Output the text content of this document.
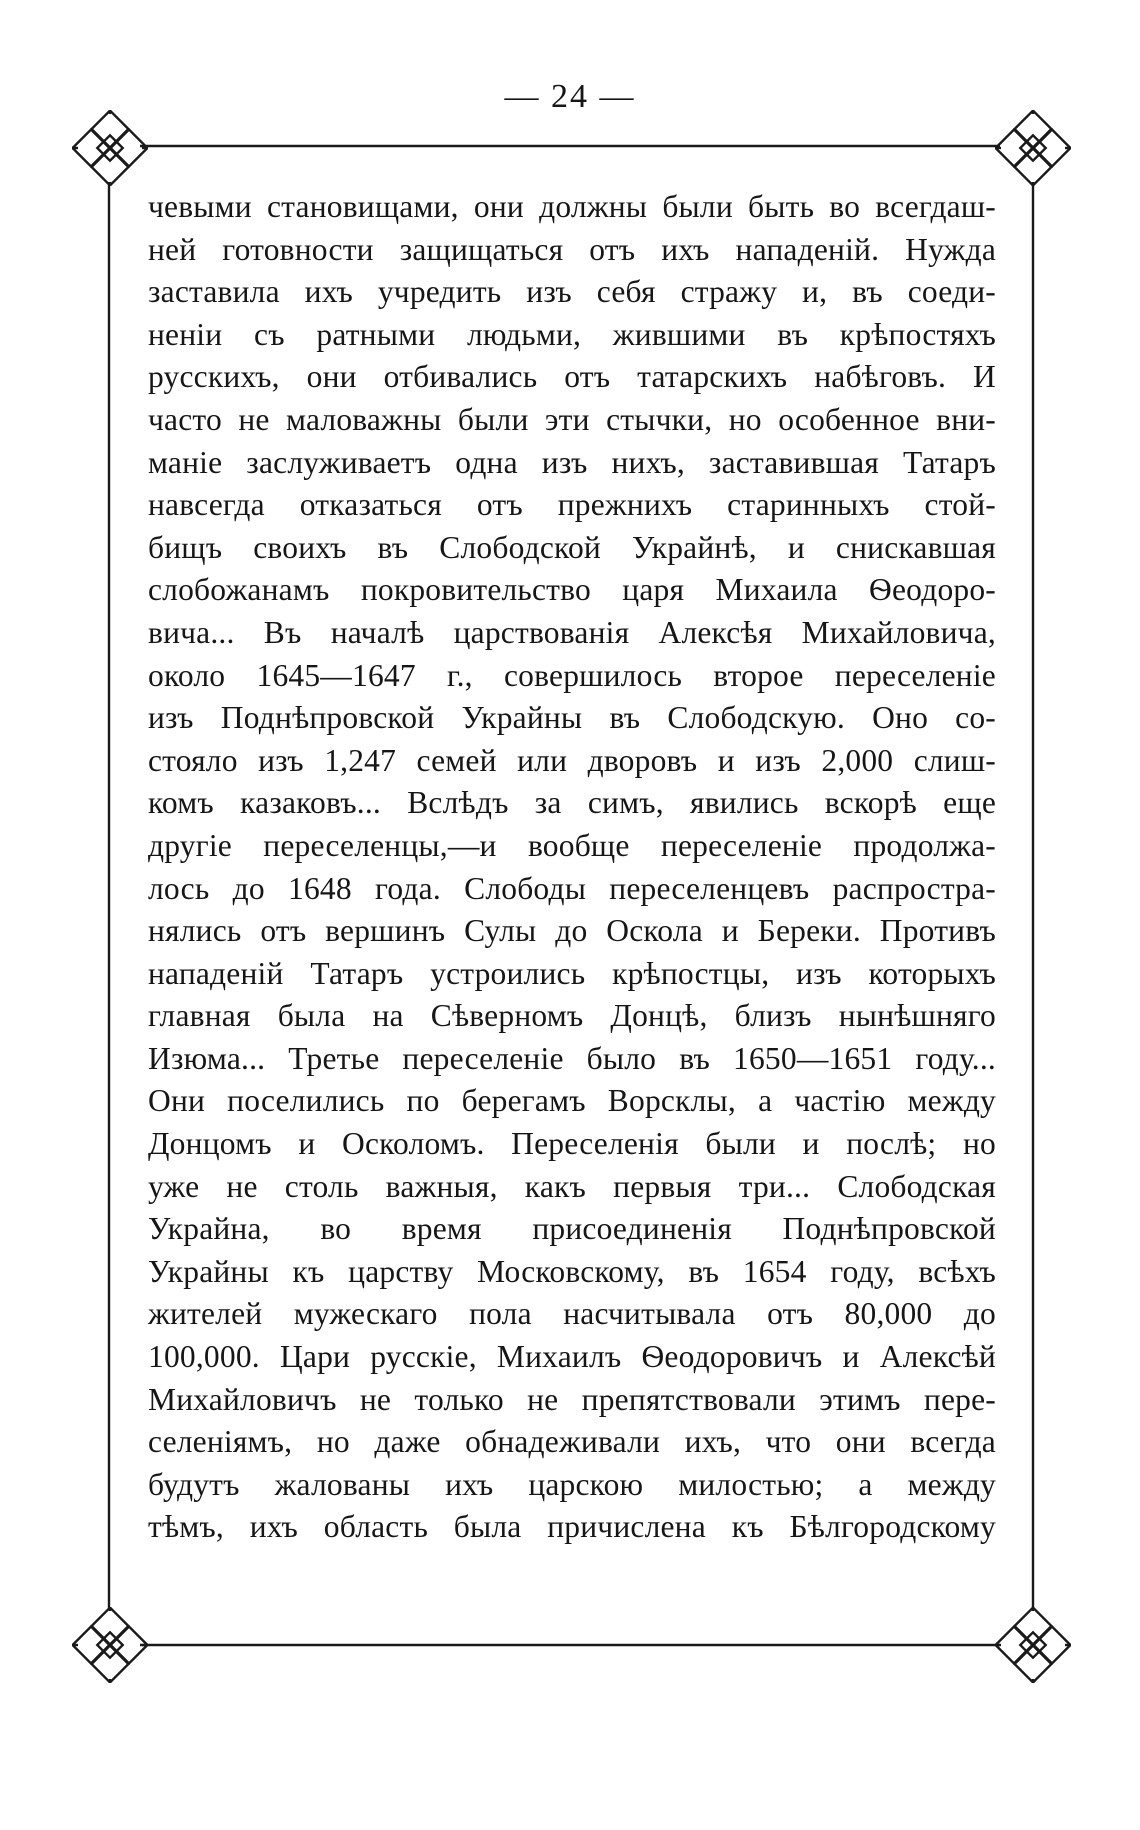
— 24 —
чевыми становищами, они должны были быть во всегдаш-
ней готовности защищаться отъ ихъ нападеній. Нужда
заставила ихъ учредить изъ себя стражу и, въ соеди-
неніи съ ратными людьми, жившими въ крѣпостяхъ
русскихъ, они отбивались отъ татарскихъ набѣговъ. И
часто не маловажны были эти стычки, но особенное вни-
маніе заслуживаетъ одна изъ нихъ, заставившая Татаръ
навсегда отказаться отъ прежнихъ старинныхъ стой-
бищъ своихъ въ Слободской Украйнѣ, и снискавшая
слобожанамъ покровительство царя Михаила Ѳеодоро-
вича... Въ началѣ царствованія Алексѣя Михайловича,
около 1645—1647 г., совершилось второе переселеніе
изъ Поднѣпровской Украйны въ Слободскую. Оно со-
стояло изъ 1,247 семей или дворовъ и изъ 2,000 слиш-
комъ казаковъ... Вслѣдъ за симъ, явились вскорѣ еще
другіе переселенцы,—и вообще переселеніе продолжа-
лось до 1648 года. Слободы переселенцевъ распростра-
нялись отъ вершинъ Сулы до Оскола и Береки. Противъ
нападеній Татаръ устроились крѣпостцы, изъ которыхъ
главная была на Сѣверномъ Донцѣ, близъ нынѣшняго
Изюма... Третье переселеніе было въ 1650—1651 году...
Они поселились по берегамъ Ворсклы, а частію между
Донцомъ и Осколомъ. Переселенія были и послѣ; но
уже не столь важныя, какъ первыя три... Слободская
Украйна, во время присоединенія Поднѣпровской
Украйны къ царству Московскому, въ 1654 году, всѣхъ
жителей мужескаго пола насчитывала отъ 80,000 до
100,000. Цари русскіе, Михаилъ Ѳеодоровичъ и Алексѣй
Михайловичъ не только не препятствовали этимъ пере-
селеніямъ, но даже обнадеживали ихъ, что они всегда
будутъ жалованы ихъ царскою милостью; а между
тѣмъ, ихъ область была причислена къ Бѣлгородскому
